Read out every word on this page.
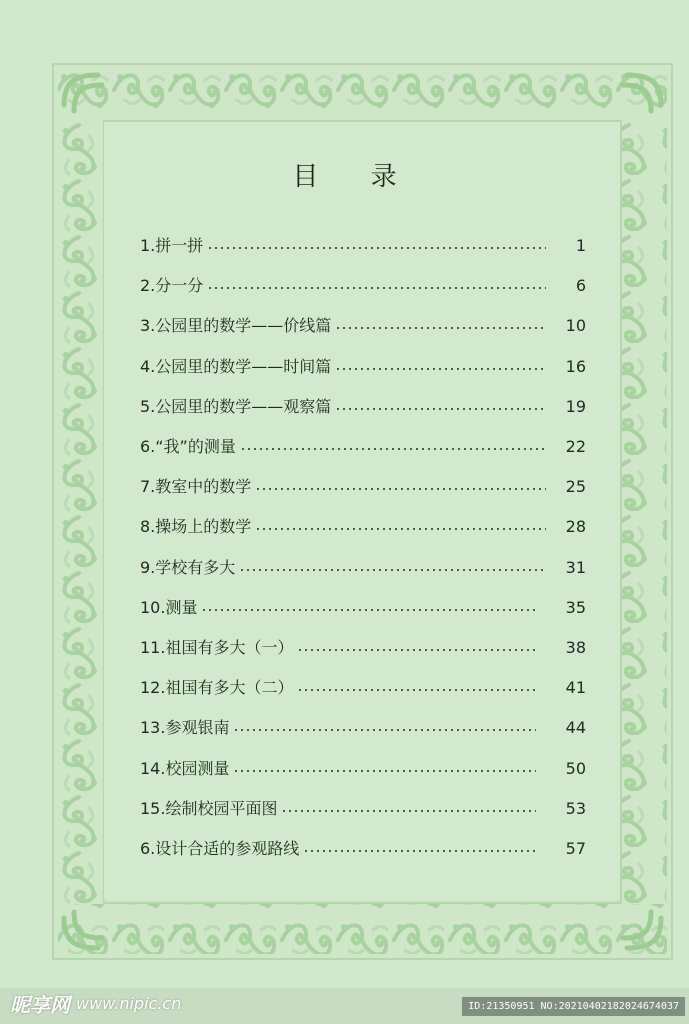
目 录
1.拼一拼	1
2.分一分	6
3.公园里的数学——价线篇	10
4.公园里的数学——时间篇	16
5.公园里的数学——观察篇	19
6.“我”的测量	22
7.教室中的数学	25
8.操场上的数学	28
9.学校有多大	31
10.测量	35
11.祖国有多大（一）	38
12.祖国有多大（二）	41
13.参观银南	44
14.校园测量	50
15.绘制校园平面图	53
6.设计合适的参观路线	57
昵享网 www.nipic.cn	ID:21350951 NO:20210402182024674037
